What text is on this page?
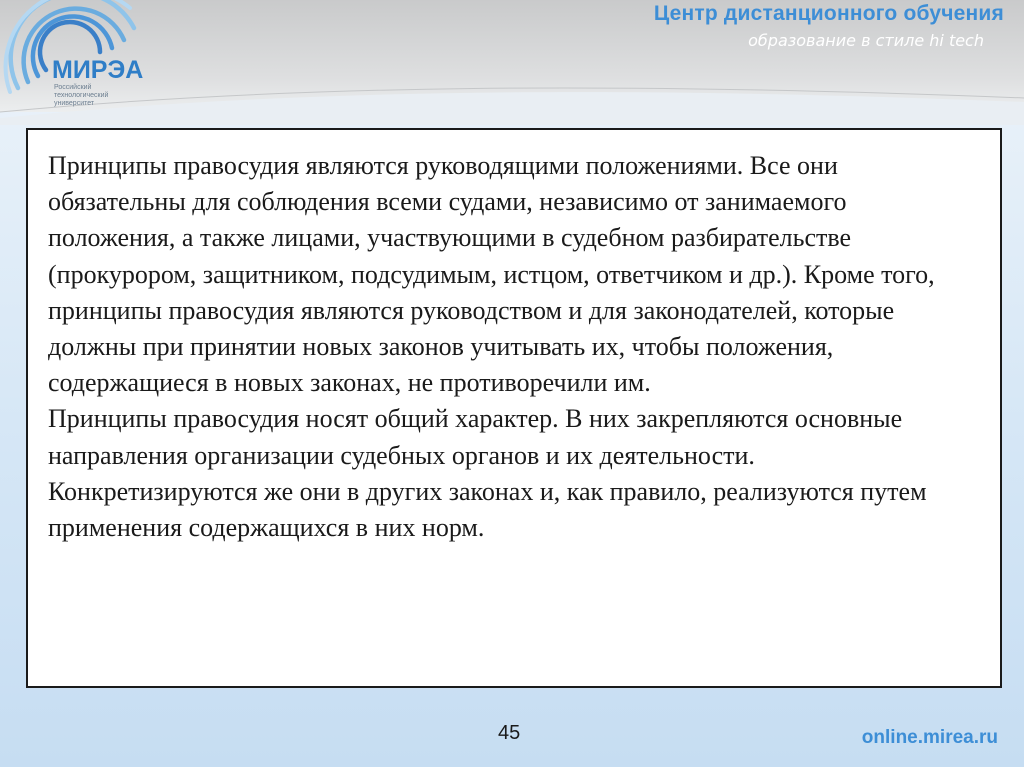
МИРЭА
Российский
технологический
университет
Центр дистанционного обучения
образование в стиле hi tech

Принципы правосудия являются руководящими положениями. Все они обязательны для соблюдения всеми судами, независимо от занимаемого положения, а также лицами, участвующими в судебном разбирательстве (прокурором, защитником, подсудимым, истцом, ответчиком и др.). Кроме того, принципы правосудия являются руководством и для законодателей, которые должны при принятии новых законов учитывать их, чтобы положения, содержащиеся в новых законах, не противоречили им.

Принципы правосудия носят общий характер. В них закрепляются основные направления организации судебных органов и их деятельности. Конкретизируются же они в других законах и, как правило, реализуются путем применения содержащихся в них норм.

45	online.mirea.ru
